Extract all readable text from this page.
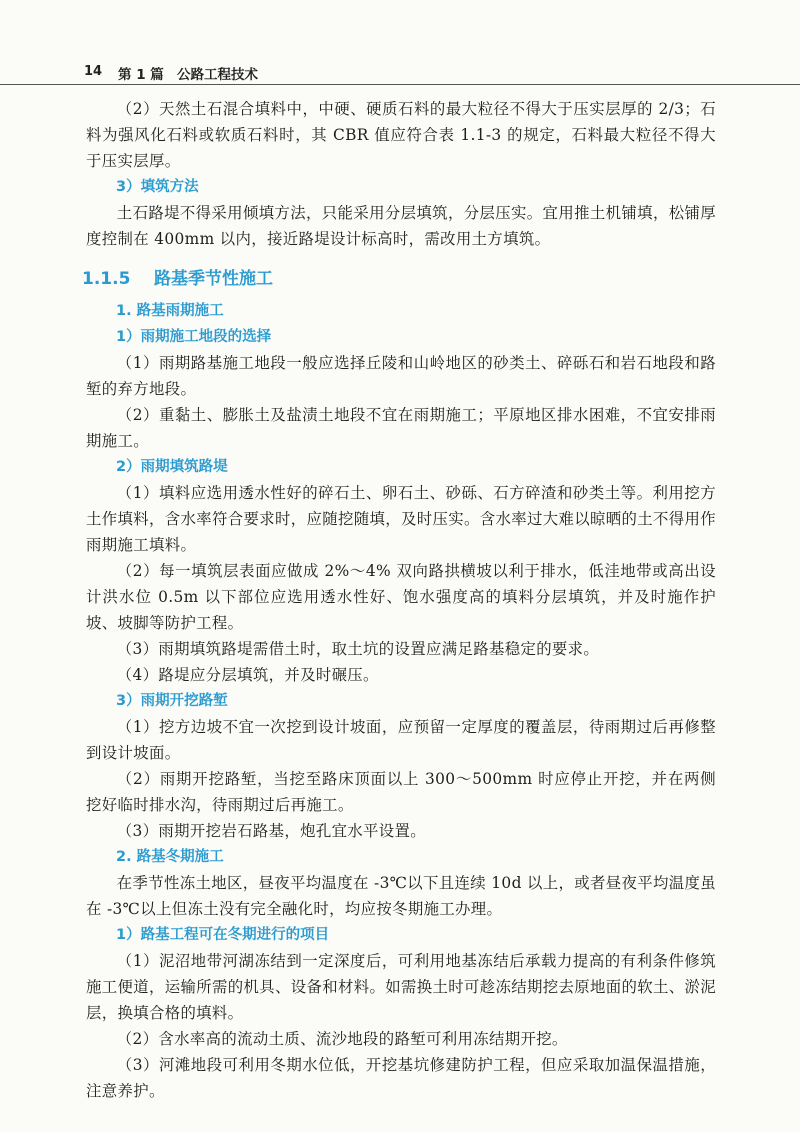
14 第 1 篇 公路工程技术

（2）天然土石混合填料中，中硬、硬质石料的最大粒径不得大于压实层厚的 2/3；石料为强风化石料或软质石料时，其 CBR 值应符合表 1.1-3 的规定，石料最大粒径不得大于压实层厚。

3）填筑方法

土石路堤不得采用倾填方法，只能采用分层填筑，分层压实。宜用推土机铺填，松铺厚度控制在 400mm 以内，接近路堤设计标高时，需改用土方填筑。

1.1.5 路基季节性施工
1. 路基雨期施工
1）雨期施工地段的选择

（1）雨期路基施工地段一般应选择丘陵和山岭地区的砂类土、碎砾石和岩石地段和路堑的弃方地段。

（2）重黏土、膨胀土及盐渍土地段不宜在雨期施工；平原地区排水困难，不宜安排雨期施工。

2）雨期填筑路堤

（1）填料应选用透水性好的碎石土、卵石土、砂砾、石方碎渣和砂类土等。利用挖方土作填料，含水率符合要求时，应随挖随填，及时压实。含水率过大难以晾晒的土不得用作雨期施工填料。

（2）每一填筑层表面应做成 2%～4% 双向路拱横坡以利于排水，低洼地带或高出设计洪水位 0.5m 以下部位应选用透水性好、饱水强度高的填料分层填筑，并及时施作护坡、坡脚等防护工程。

（3）雨期填筑路堤需借土时，取土坑的设置应满足路基稳定的要求。

（4）路堤应分层填筑，并及时碾压。

3）雨期开挖路堑

（1）挖方边坡不宜一次挖到设计坡面，应预留一定厚度的覆盖层，待雨期过后再修整到设计坡面。

（2）雨期开挖路堑，当挖至路床顶面以上 300～500mm 时应停止开挖，并在两侧挖好临时排水沟，待雨期过后再施工。

（3）雨期开挖岩石路基，炮孔宜水平设置。

2. 路基冬期施工

在季节性冻土地区，昼夜平均温度在 -3℃以下且连续 10d 以上，或者昼夜平均温度虽在 -3℃以上但冻土没有完全融化时，均应按冬期施工办理。

1）路基工程可在冬期进行的项目

（1）泥沼地带河湖冻结到一定深度后，可利用地基冻结后承载力提高的有利条件修筑施工便道，运输所需的机具、设备和材料。如需换土时可趁冻结期挖去原地面的软土、淤泥层，换填合格的填料。

（2）含水率高的流动土质、流沙地段的路堑可利用冻结期开挖。

（3）河滩地段可利用冬期水位低，开挖基坑修建防护工程，但应采取加温保温措施，注意养护。
